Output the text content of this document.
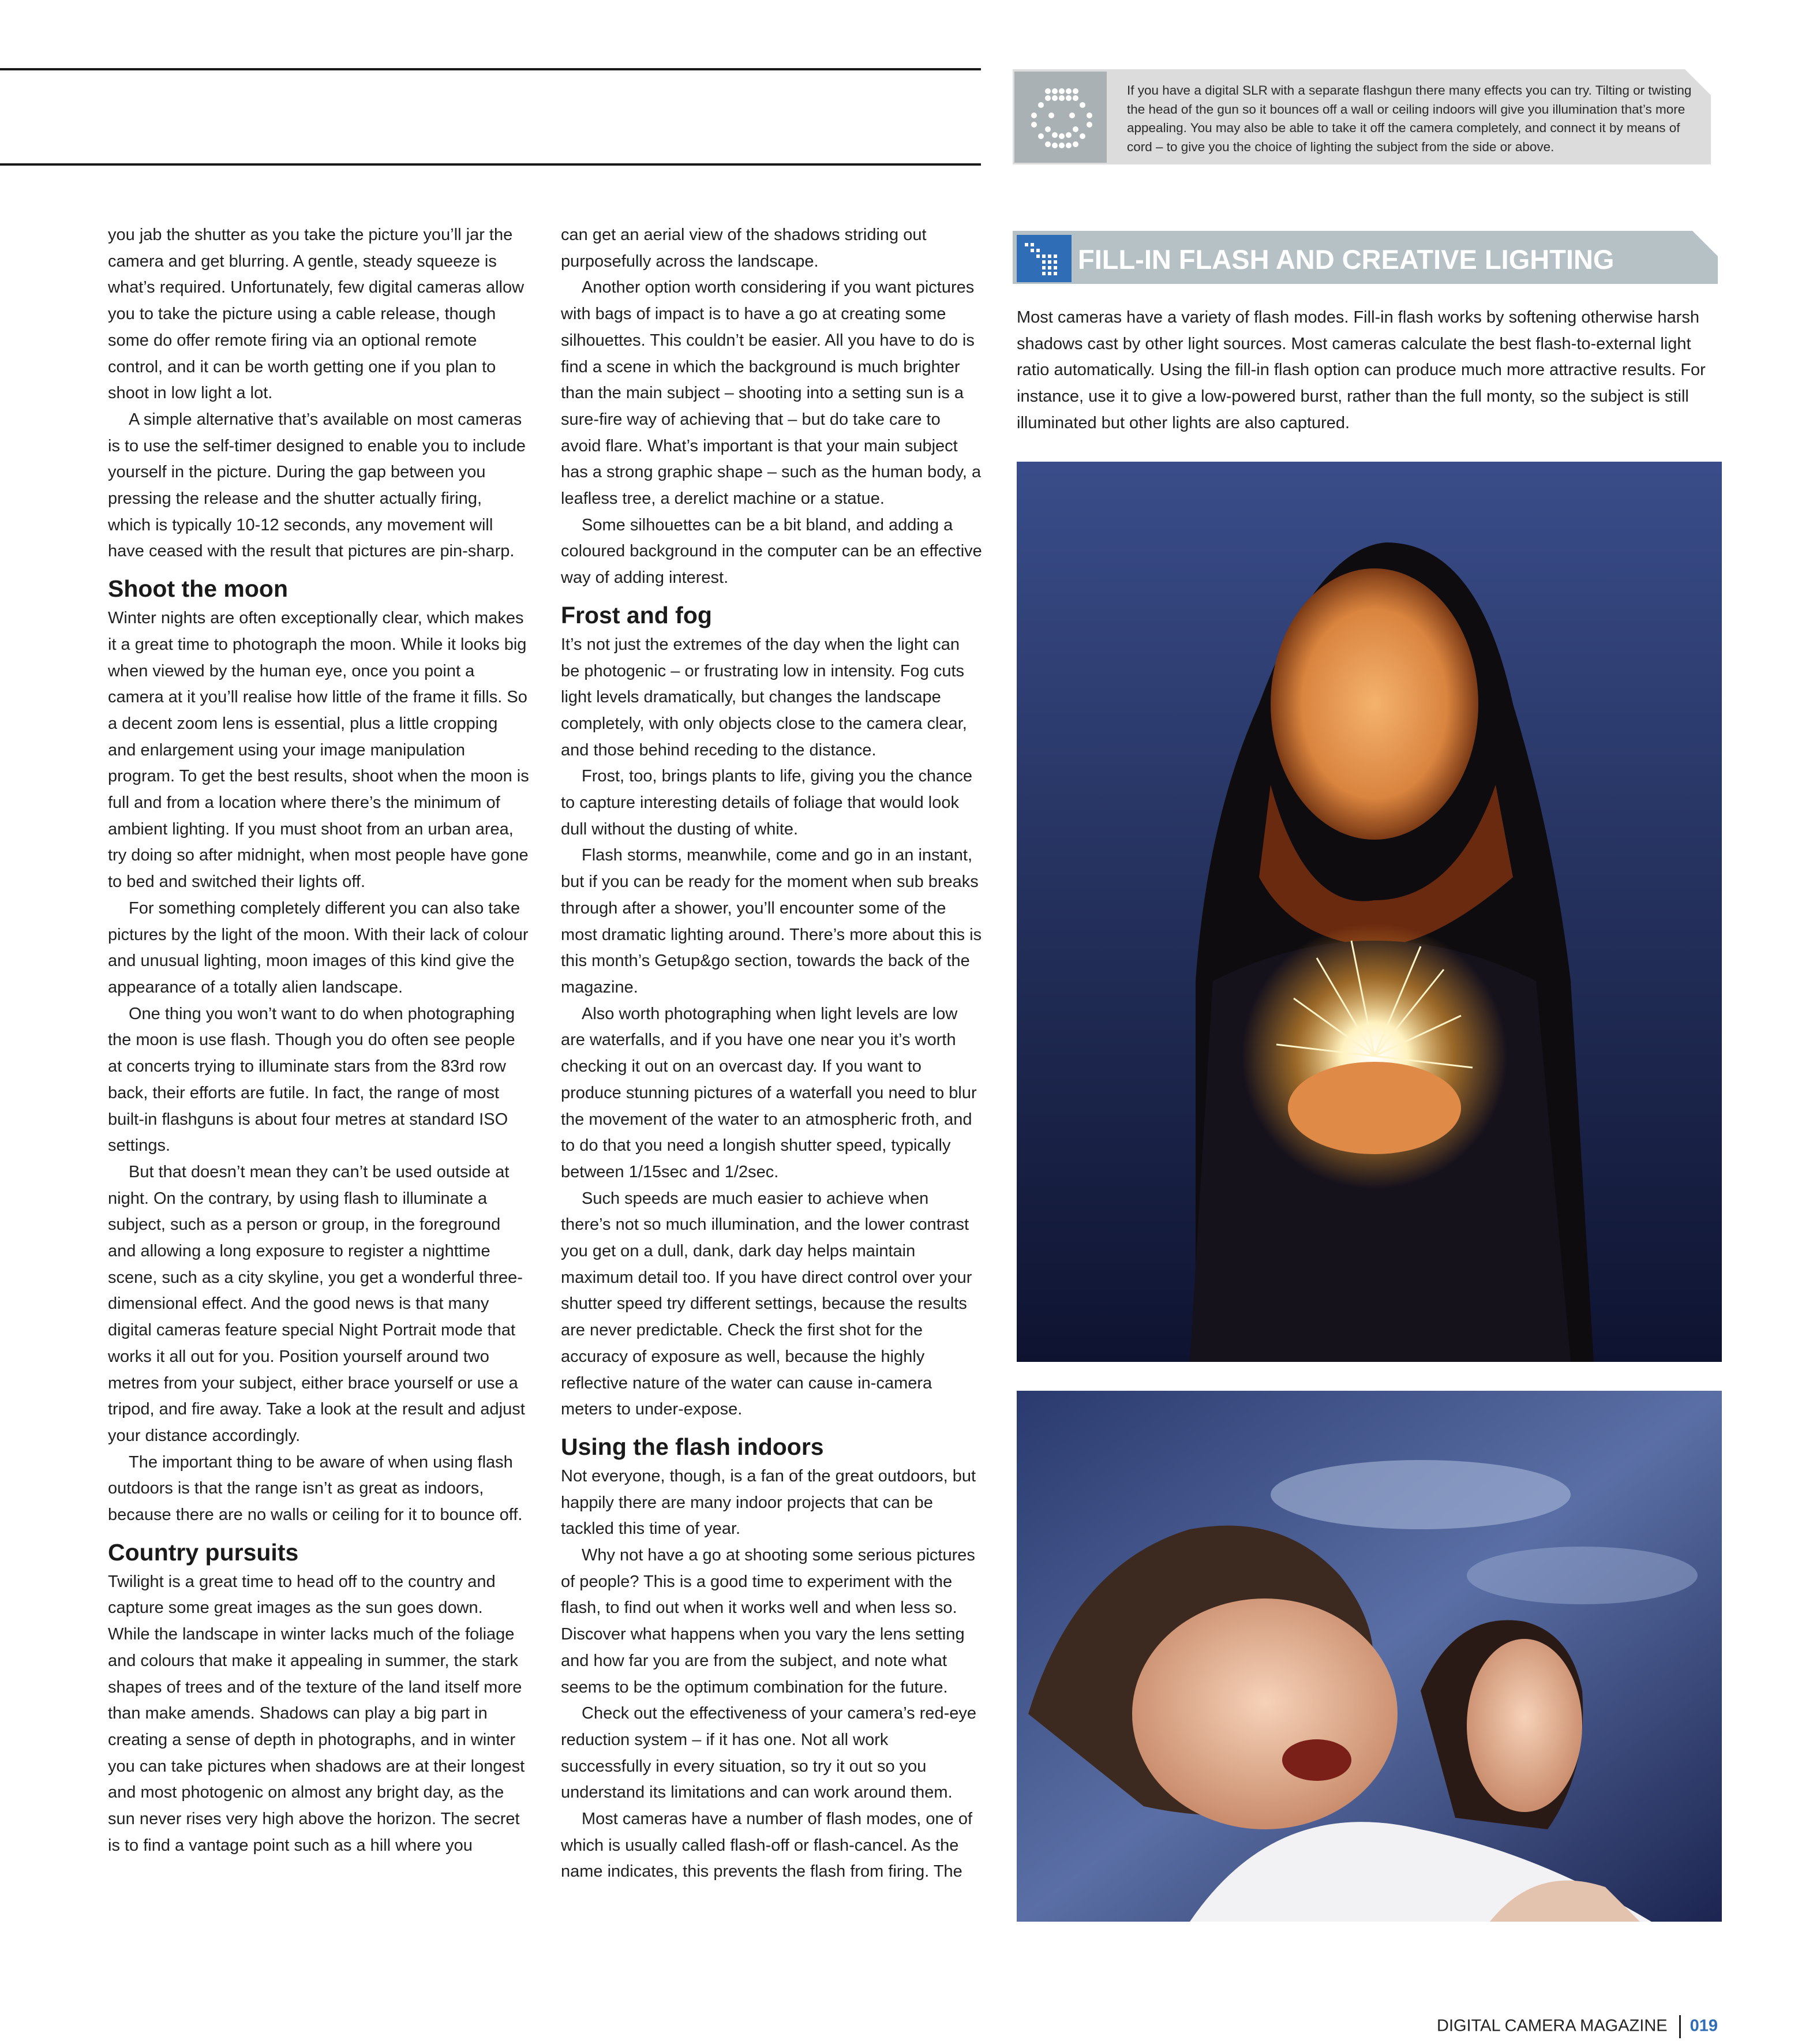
If you have a digital SLR with a separate flashgun there many effects you can try. Tilting or twisting the head of the gun so it bounces off a wall or ceiling indoors will give you illumination that’s more appealing. You may also be able to take it off the camera completely, and connect it by means of cord – to give you the choice of lighting the subject from the side or above.

you jab the shutter as you take the picture you’ll jar the camera and get blurring. A gentle, steady squeeze is what’s required. Unfortunately, few digital cameras allow you to take the picture using a cable release, though some do offer remote firing via an optional remote control, and it can be worth getting one if you plan to shoot in low light a lot.

A simple alternative that’s available on most cameras is to use the self-timer designed to enable you to include yourself in the picture. During the gap between you pressing the release and the shutter actually firing, which is typically 10-12 seconds, any movement will have ceased with the result that pictures are pin-sharp.

Shoot the moon

Winter nights are often exceptionally clear, which makes it a great time to photograph the moon. While it looks big when viewed by the human eye, once you point a camera at it you’ll realise how little of the frame it fills. So a decent zoom lens is essential, plus a little cropping and enlargement using your image manipulation program. To get the best results, shoot when the moon is full and from a location where there’s the minimum of ambient lighting. If you must shoot from an urban area, try doing so after midnight, when most people have gone to bed and switched their lights off.

For something completely different you can also take pictures by the light of the moon. With their lack of colour and unusual lighting, moon images of this kind give the appearance of a totally alien landscape.

One thing you won’t want to do when photographing the moon is use flash. Though you do often see people at concerts trying to illuminate stars from the 83rd row back, their efforts are futile. In fact, the range of most built-in flashguns is about four metres at standard ISO settings.

But that doesn’t mean they can’t be used outside at night. On the contrary, by using flash to illuminate a subject, such as a person or group, in the foreground and allowing a long exposure to register a nighttime scene, such as a city skyline, you get a wonderful three-dimensional effect. And the good news is that many digital cameras feature special Night Portrait mode that works it all out for you. Position yourself around two metres from your subject, either brace yourself or use a tripod, and fire away. Take a look at the result and adjust your distance accordingly.

The important thing to be aware of when using flash outdoors is that the range isn’t as great as indoors, because there are no walls or ceiling for it to bounce off.

Country pursuits

Twilight is a great time to head off to the country and capture some great images as the sun goes down. While the landscape in winter lacks much of the foliage and colours that make it appealing in summer, the stark shapes of trees and of the texture of the land itself more than make amends. Shadows can play a big part in creating a sense of depth in photographs, and in winter you can take pictures when shadows are at their longest and most photogenic on almost any bright day, as the sun never rises very high above the horizon. The secret is to find a vantage point such as a hill where you

can get an aerial view of the shadows striding out purposefully across the landscape.

Another option worth considering if you want pictures with bags of impact is to have a go at creating some silhouettes. This couldn’t be easier. All you have to do is find a scene in which the background is much brighter than the main subject – shooting into a setting sun is a sure-fire way of achieving that – but do take care to avoid flare. What’s important is that your main subject has a strong graphic shape – such as the human body, a leafless tree, a derelict machine or a statue.

Some silhouettes can be a bit bland, and adding a coloured background in the computer can be an effective way of adding interest.

Frost and fog

It’s not just the extremes of the day when the light can be photogenic – or frustrating low in intensity. Fog cuts light levels dramatically, but changes the landscape completely, with only objects close to the camera clear, and those behind receding to the distance.

Frost, too, brings plants to life, giving you the chance to capture interesting details of foliage that would look dull without the dusting of white.

Flash storms, meanwhile, come and go in an instant, but if you can be ready for the moment when sub breaks through after a shower, you’ll encounter some of the most dramatic lighting around. There’s more about this is this month’s Getup&go section, towards the back of the magazine.

Also worth photographing when light levels are low are waterfalls, and if you have one near you it’s worth checking it out on an overcast day. If you want to produce stunning pictures of a waterfall you need to blur the movement of the water to an atmospheric froth, and to do that you need a longish shutter speed, typically between 1/15sec and 1/2sec.

Such speeds are much easier to achieve when there’s not so much illumination, and the lower contrast you get on a dull, dank, dark day helps maintain maximum detail too. If you have direct control over your shutter speed try different settings, because the results are never predictable. Check the first shot for the accuracy of exposure as well, because the highly reflective nature of the water can cause in-camera meters to under-expose.

Using the flash indoors

Not everyone, though, is a fan of the great outdoors, but happily there are many indoor projects that can be tackled this time of year.

Why not have a go at shooting some serious pictures of people? This is a good time to experiment with the flash, to find out when it works well and when less so. Discover what happens when you vary the lens setting and how far you are from the subject, and note what seems to be the optimum combination for the future.

Check out the effectiveness of your camera’s red-eye reduction system – if it has one. Not all work successfully in every situation, so try it out so you understand its limitations and can work around them.

Most cameras have a number of flash modes, one of which is usually called flash-off or flash-cancel. As the name indicates, this prevents the flash from firing. The

FILL-IN FLASH AND CREATIVE LIGHTING
Most cameras have a variety of flash modes. Fill-in flash works by softening otherwise harsh shadows cast by other light sources. Most cameras calculate the best flash-to-external light ratio automatically. Using the fill-in flash option can produce much more attractive results. For instance, use it to give a low-powered burst, rather than the full monty, so the subject is still illuminated but other lights are also captured.
DIGITAL CAMERA MAGAZINE 019
